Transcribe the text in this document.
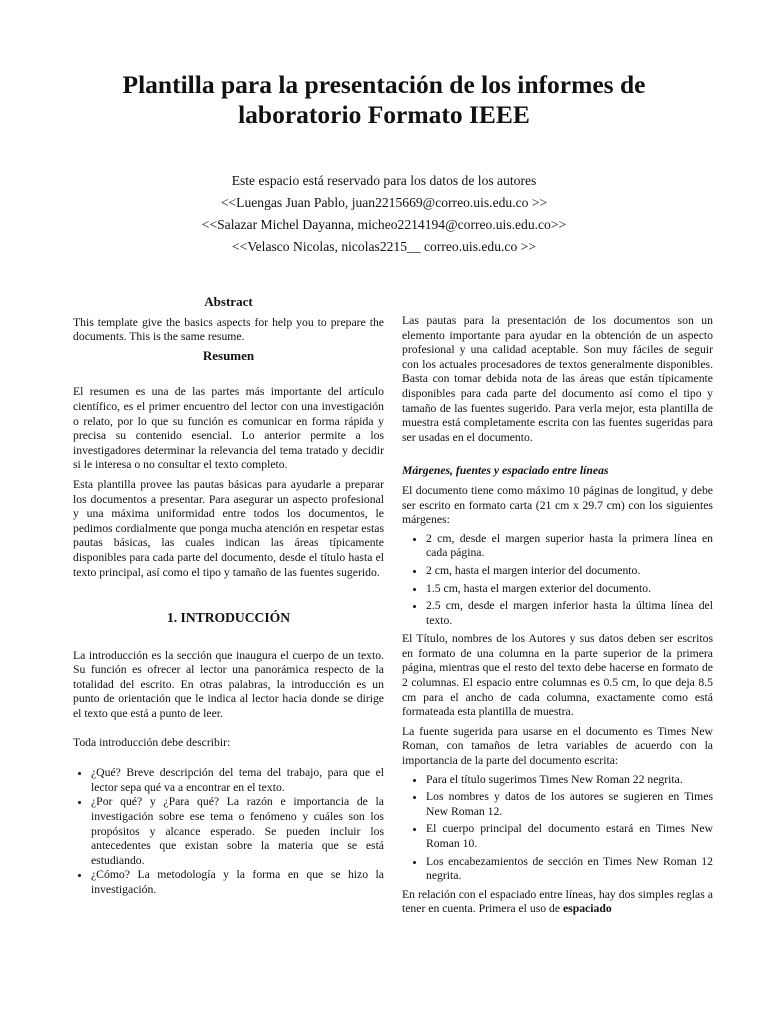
Plantilla para la presentación de los informes de laboratorio Formato IEEE
Este espacio está reservado para los datos de los autores
<<Luengas Juan Pablo, juan2215669@correo.uis.edu.co >>
<<Salazar Michel Dayanna, micheo2214194@correo.uis.edu.co>>
<<Velasco Nicolas, nicolas2215__ correo.uis.edu.co >>
Abstract

This template give the basics aspects for help you to prepare the documents. This is the same resume.

Resumen

El resumen es una de las partes más importante del artículo científico, es el primer encuentro del lector con una investigación o relato, por lo que su función es comunicar en forma rápida y precisa su contenido esencial. Lo anterior permite a los investigadores determinar la relevancia del tema tratado y decidir si le interesa o no consultar el texto completo.

Esta plantilla provee las pautas básicas para ayudarle a preparar los documentos a presentar. Para asegurar un aspecto profesional y una máxima uniformidad entre todos los documentos, le pedimos cordialmente que ponga mucha atención en respetar estas pautas básicas, las cuales indican las áreas típicamente disponibles para cada parte del documento, desde el título hasta el texto principal, así como el tipo y tamaño de las fuentes sugerido.

1. INTRODUCCIÓN

La introducción es la sección que inaugura el cuerpo de un texto. Su función es ofrecer al lector una panorámica respecto de la totalidad del escrito. En otras palabras, la introducción es un punto de orientación que le indica al lector hacia donde se dirige el texto que está a punto de leer.

Toda introducción debe describir:

• ¿Qué? Breve descripción del tema del trabajo, para que el lector sepa qué va a encontrar en el texto.
• ¿Por qué? y ¿Para qué? La razón e importancia de la investigación sobre ese tema o fenómeno y cuáles son los propósitos y alcance esperado. Se pueden incluir los antecedentes que existan sobre la materia que se está estudiando.
• ¿Cómo? La metodología y la forma en que se hizo la investigación.

Las pautas para la presentación de los documentos son un elemento importante para ayudar en la obtención de un aspecto profesional y una calidad aceptable. Son muy fáciles de seguir con los actuales procesadores de textos generalmente disponibles. Basta con tomar debida nota de las áreas que están típicamente disponibles para cada parte del documento así como el tipo y tamaño de las fuentes sugerido. Para verla mejor, esta plantilla de muestra está completamente escrita con las fuentes sugeridas para ser usadas en el documento.

Márgenes, fuentes y espaciado entre líneas

El documento tiene como máximo 10 páginas de longitud, y debe ser escrito en formato carta (21 cm x 29.7 cm) con los siguientes márgenes:

• 2 cm, desde el margen superior hasta la primera línea en cada página.
• 2 cm, hasta el margen interior del documento.
• 1.5 cm, hasta el margen exterior del documento.
• 2.5 cm, desde el margen inferior hasta la última línea del texto.

El Título, nombres de los Autores y sus datos deben ser escritos en formato de una columna en la parte superior de la primera página, mientras que el resto del texto debe hacerse en formato de 2 columnas. El espacio entre columnas es 0.5 cm, lo que deja 8.5 cm para el ancho de cada columna, exactamente como está formateada esta plantilla de muestra.

La fuente sugerida para usarse en el documento es Times New Roman, con tamaños de letra variables de acuerdo con la importancia de la parte del documento escrita:

• Para el título sugerimos Times New Roman 22 negrita.
• Los nombres y datos de los autores se sugieren en Times New Roman 12.
• El cuerpo principal del documento estará en Times New Roman 10.
• Los encabezamientos de sección en Times New Roman 12 negrita.

En relación con el espaciado entre líneas, hay dos simples reglas a tener en cuenta. Primera el uso de espaciado
